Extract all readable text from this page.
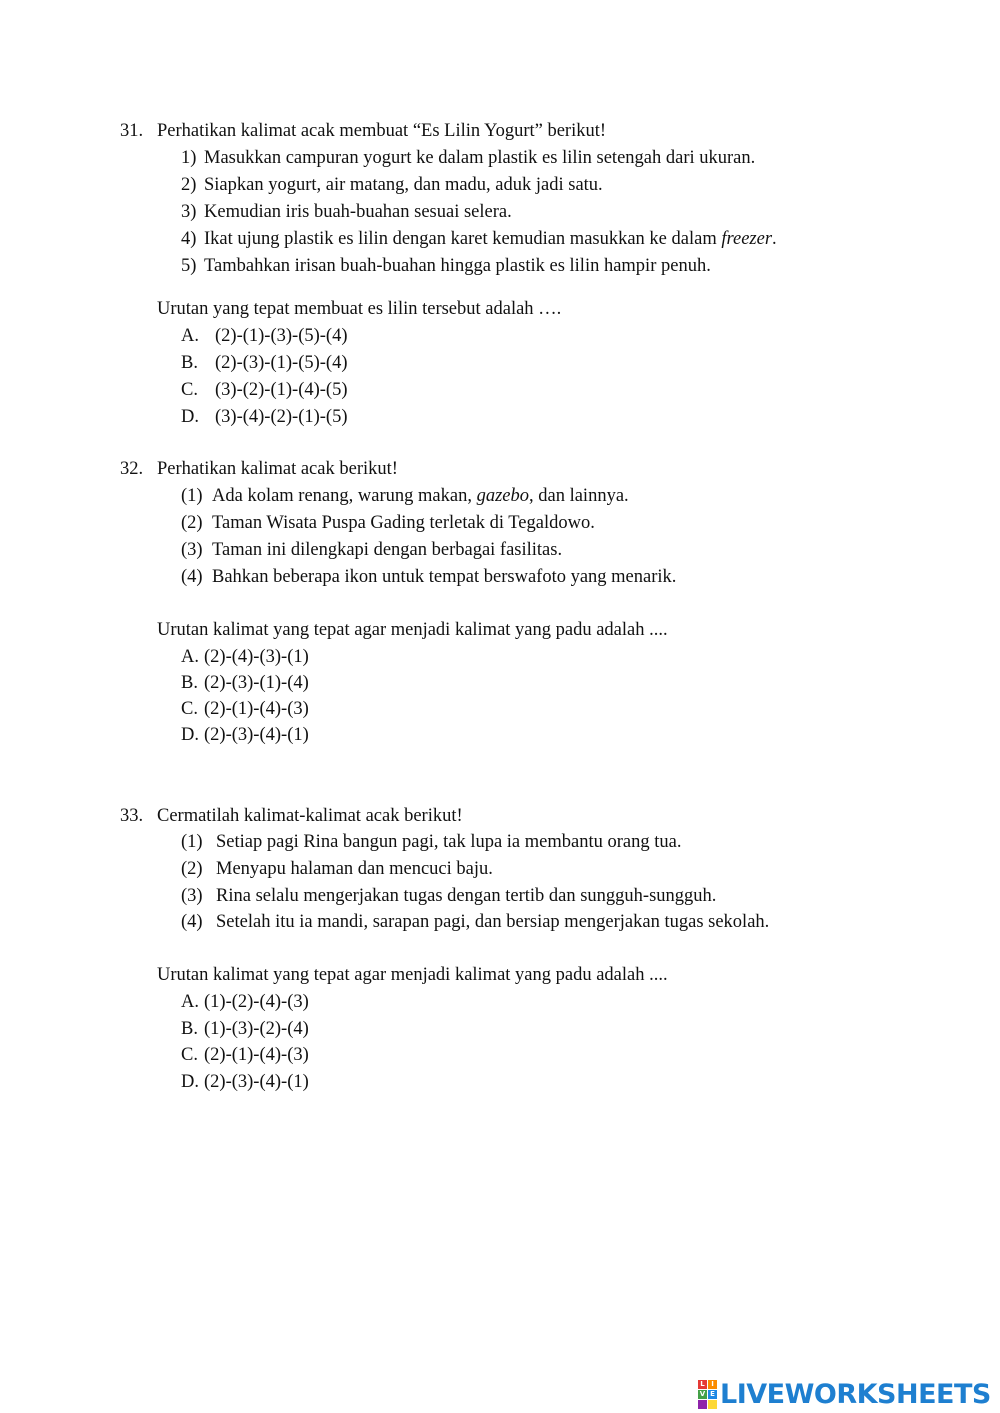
31. Perhatikan kalimat acak membuat “Es Lilin Yogurt” berikut!
1) Masukkan campuran yogurt ke dalam plastik es lilin setengah dari ukuran.
2) Siapkan yogurt, air matang, dan madu, aduk jadi satu.
3) Kemudian iris buah-buahan sesuai selera.
4) Ikat ujung plastik es lilin dengan karet kemudian masukkan ke dalam freezer.
5) Tambahkan irisan buah-buahan hingga plastik es lilin hampir penuh.
Urutan yang tepat membuat es lilin tersebut adalah ….
A. (2)-(1)-(3)-(5)-(4)
B. (2)-(3)-(1)-(5)-(4)
C. (3)-(2)-(1)-(4)-(5)
D. (3)-(4)-(2)-(1)-(5)
32. Perhatikan kalimat acak berikut!
(1) Ada kolam renang, warung makan, gazebo, dan lainnya.
(2) Taman Wisata Puspa Gading terletak di Tegaldowo.
(3) Taman ini dilengkapi dengan berbagai fasilitas.
(4) Bahkan beberapa ikon untuk tempat berswafoto yang menarik.
Urutan kalimat yang tepat agar menjadi kalimat yang padu adalah ....
A. (2)-(4)-(3)-(1)
B. (2)-(3)-(1)-(4)
C. (2)-(1)-(4)-(3)
D. (2)-(3)-(4)-(1)
33. Cermatilah kalimat-kalimat acak berikut!
(1) Setiap pagi Rina bangun pagi, tak lupa ia membantu orang tua.
(2) Menyapu halaman dan mencuci baju.
(3) Rina selalu mengerjakan tugas dengan tertib dan sungguh-sungguh.
(4) Setelah itu ia mandi, sarapan pagi, dan bersiap mengerjakan tugas sekolah.
Urutan kalimat yang tepat agar menjadi kalimat yang padu adalah ....
A. (1)-(2)-(4)-(3)
B. (1)-(3)-(2)-(4)
C. (2)-(1)-(4)-(3)
D. (2)-(3)-(4)-(1)
L I
V E LIVEWORKSHEETS
